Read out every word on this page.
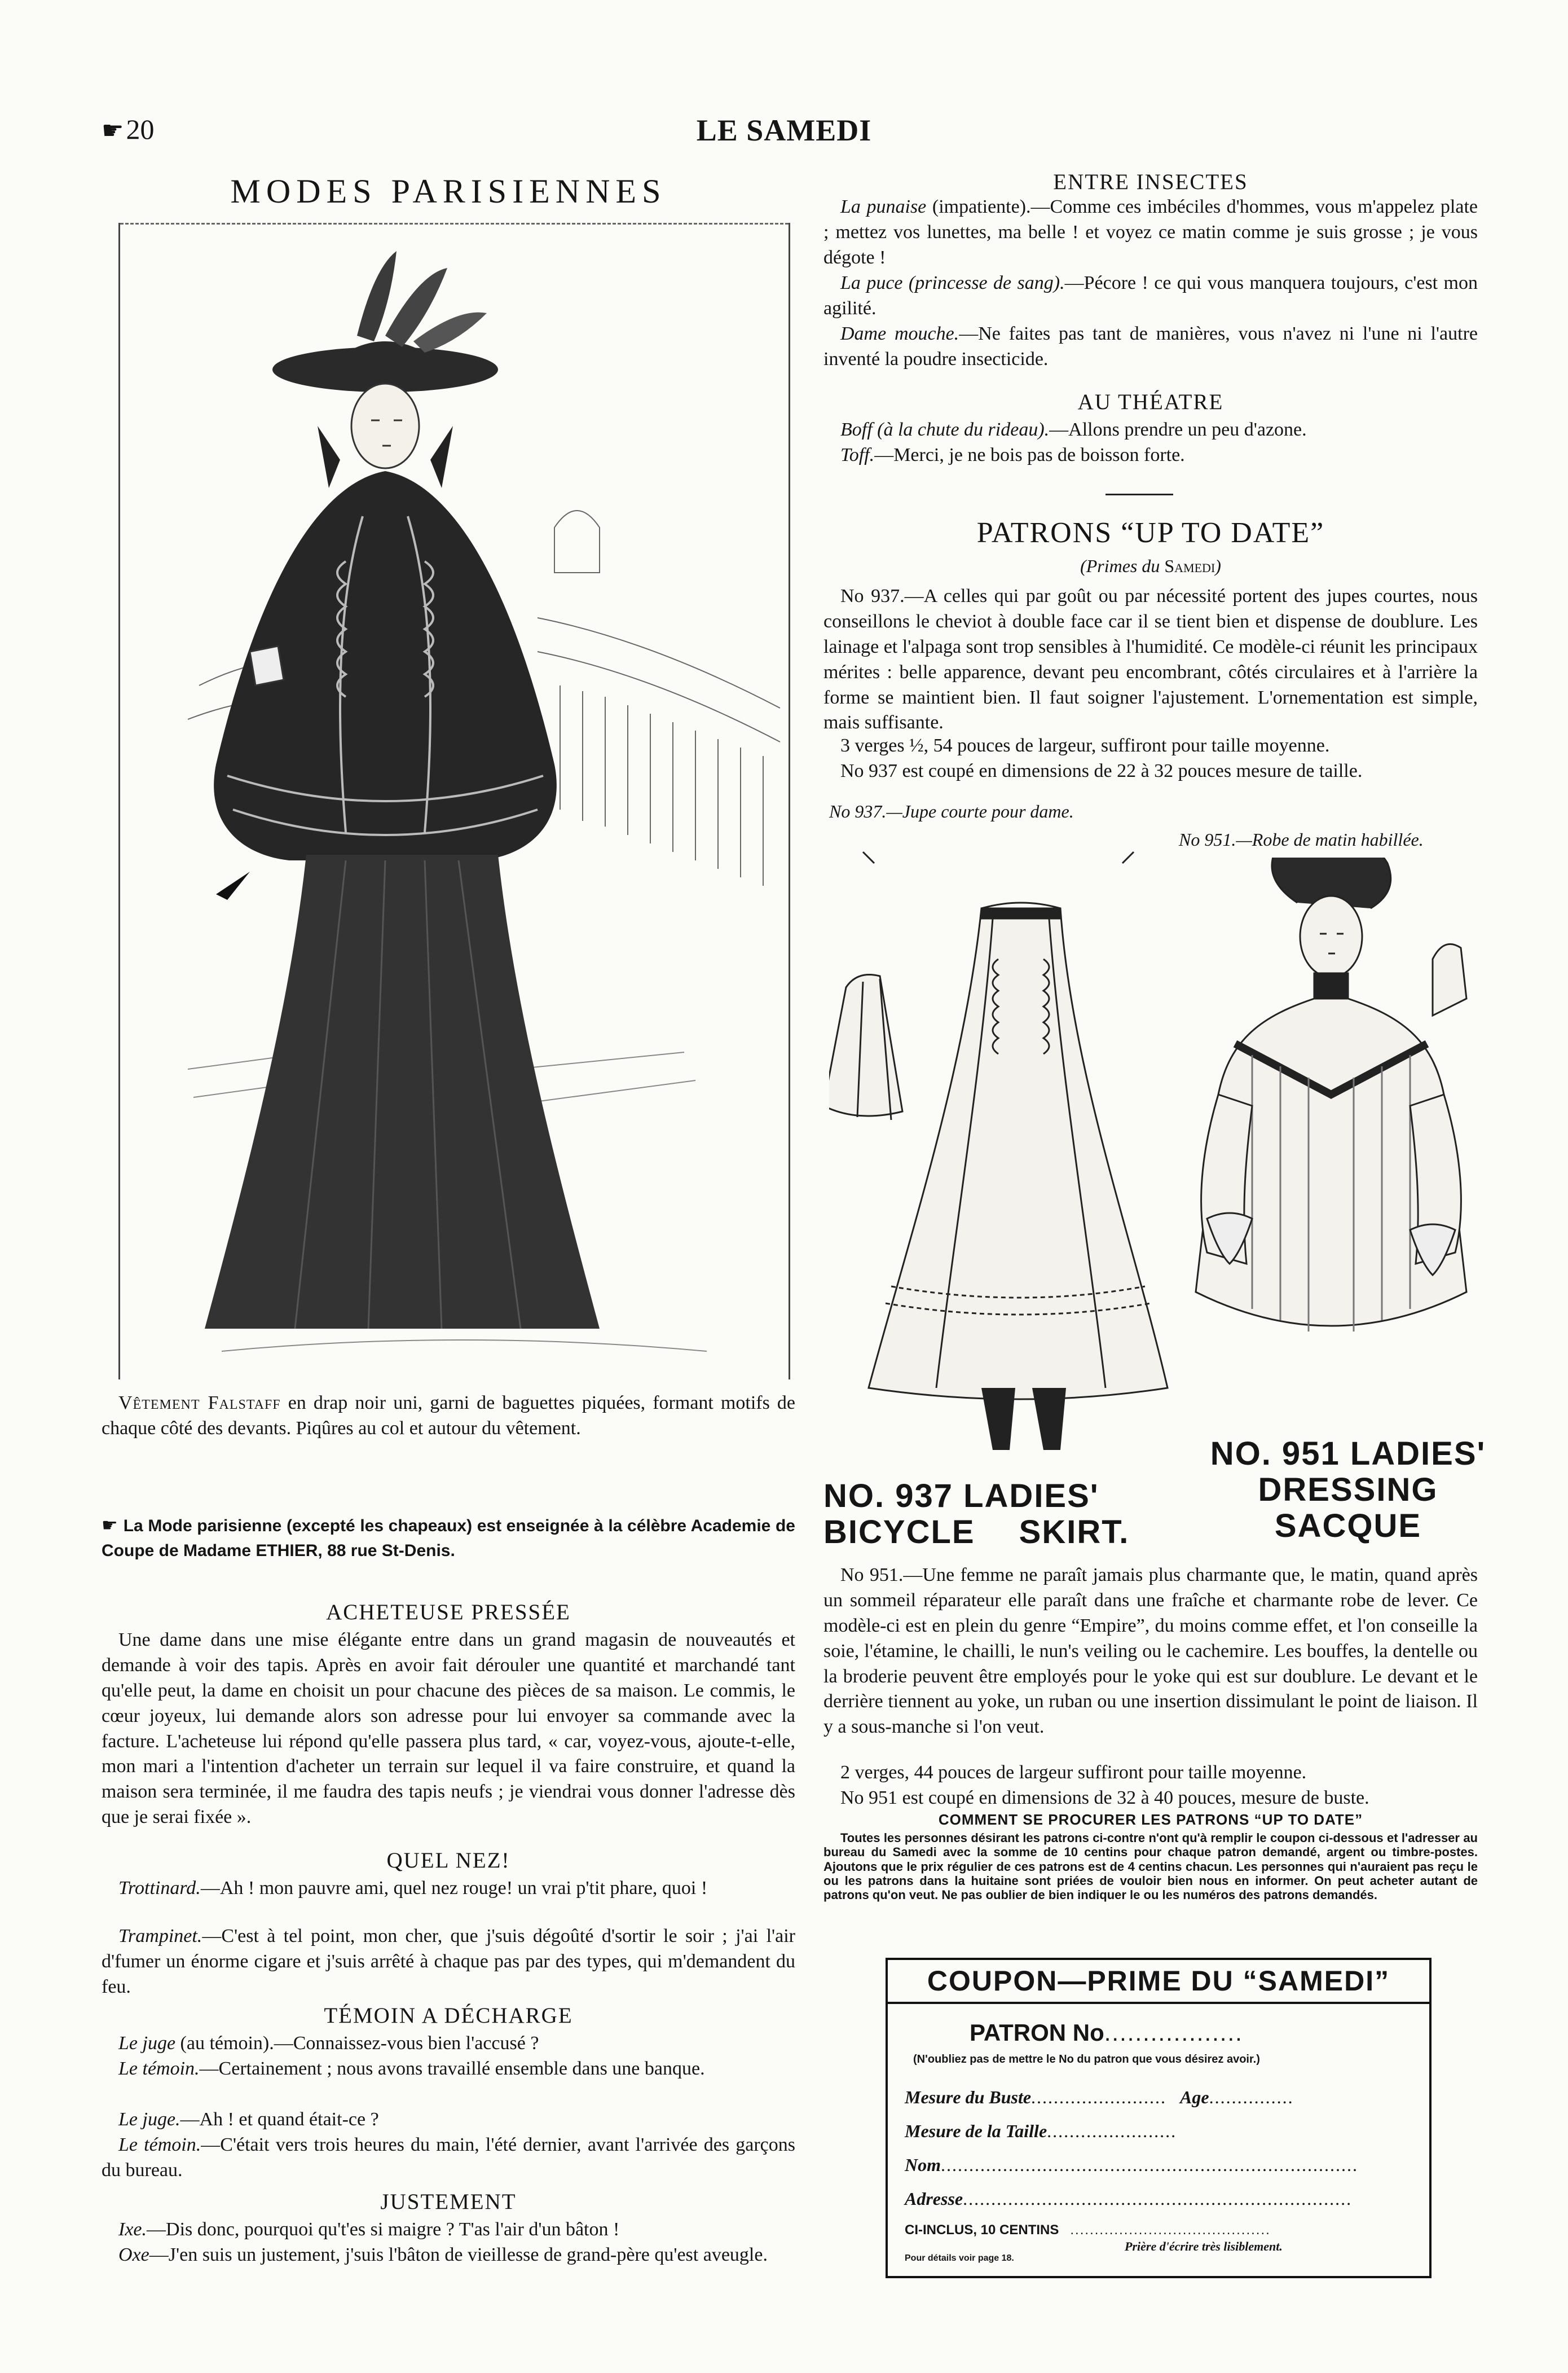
☛20	LE SAMEDI
MODES PARISIENNES

Vêtement Falstaff en drap noir uni, garni de baguettes piquées, formant motifs de chaque côté des devants. Piqûres au col et autour du vêtement.

☛ La Mode parisienne (excepté les chapeaux) est enseignée à la célèbre Academie de Coupe de Madame ETHIER, 88 rue St-Denis.

ACHETEUSE PRESSÉE

Une dame dans une mise élégante entre dans un grand magasin de nouveautés et demande à voir des tapis. Après en avoir fait dérouler une quantité et marchandé tant qu'elle peut, la dame en choisit un pour chacune des pièces de sa maison. Le commis, le cœur joyeux, lui demande alors son adresse pour lui envoyer sa commande avec la facture. L'acheteuse lui répond qu'elle passera plus tard, « car, voyez-vous, ajoute-t-elle, mon mari a l'intention d'acheter un terrain sur lequel il va faire construire, et quand la maison sera terminée, il me faudra des tapis neufs ; je viendrai vous donner l'adresse dès que je serai fixée ».

QUEL NEZ!

Trottinard.—Ah ! mon pauvre ami, quel nez rouge! un vrai p'tit phare, quoi !

Trampinet.—C'est à tel point, mon cher, que j'suis dégoûté d'sortir le soir ; j'ai l'air d'fumer un énorme cigare et j'suis arrêté à chaque pas par des types, qui m'demandent du feu.

TÉMOIN A DÉCHARGE

Le juge (au témoin).—Connaissez-vous bien l'accusé ?

Le témoin.—Certainement ; nous avons travaillé ensemble dans une banque.

Le juge.—Ah ! et quand était-ce ?

Le témoin.—C'était vers trois heures du main, l'été dernier, avant l'arrivée des garçons du bureau.

JUSTEMENT

Ixe.—Dis donc, pourquoi qu't'es si maigre ? T'as l'air d'un bâton !

Oxe—J'en suis un justement, j'suis l'bâton de vieillesse de grand-père qu'est aveugle.

ENTRE INSECTES

La punaise (impatiente).—Comme ces imbéciles d'hommes, vous m'appelez plate ; mettez vos lunettes, ma belle ! et voyez ce matin comme je suis grosse ; je vous dégote !

La puce (princesse de sang).—Pécore ! ce qui vous manquera toujours, c'est mon agilité.

Dame mouche.—Ne faites pas tant de manières, vous n'avez ni l'une ni l'autre inventé la poudre insecticide.

AU THÉATRE

Boff (à la chute du rideau).—Allons prendre un peu d'azone.

Toff.—Merci, je ne bois pas de boisson forte.

PATRONS “UP TO DATE”
(Primes du Samedi)

No 937.—A celles qui par goût ou par nécessité portent des jupes courtes, nous conseillons le cheviot à double face car il se tient bien et dispense de doublure. Les lainage et l'alpaga sont trop sensibles à l'humidité. Ce modèle-ci réunit les principaux mérites : belle apparence, devant peu encombrant, côtés circulaires et à l'arrière la forme se maintient bien. Il faut soigner l'ajustement. L'ornementation est simple, mais suffisante.

3 verges ½, 54 pouces de largeur, suffiront pour taille moyenne.

No 937 est coupé en dimensions de 22 à 32 pouces mesure de taille.

No 937.—Jupe courte pour dame.
No 951.—Robe de matin habillée.
NO. 951 LADIES'
DRESSING SACQUE
NO. 937 LADIES'
BICYCLE SKIRT.

No 951.—Une femme ne paraît jamais plus charmante que, le matin, quand après un sommeil réparateur elle paraît dans une fraîche et charmante robe de lever. Ce modèle-ci est en plein du genre “Empire”, du moins comme effet, et l'on conseille la soie, l'étamine, le chailli, le nun's veiling ou le cachemire. Les bouffes, la dentelle ou la broderie peuvent être employés pour le yoke qui est sur doublure. Le devant et le derrière tiennent au yoke, un ruban ou une insertion dissimulant le point de liaison. Il y a sous-manche si l'on veut.

2 verges, 44 pouces de largeur suffiront pour taille moyenne.

No 951 est coupé en dimensions de 32 à 40 pouces, mesure de buste.

COMMENT SE PROCURER LES PATRONS “UP TO DATE”

Toutes les personnes désirant les patrons ci-contre n'ont qu'à remplir le coupon ci-dessous et l'adresser au bureau du Samedi avec la somme de 10 centins pour chaque patron demandé, argent ou timbre-postes. Ajoutons que le prix régulier de ces patrons est de 4 centins chacun. Les personnes qui n'auraient pas reçu le ou les patrons dans la huitaine sont priées de vouloir bien nous en informer. On peut acheter autant de patrons qu'on veut. Ne pas oublier de bien indiquer le ou les numéros des patrons demandés.

COUPON—PRIME DU “SAMEDI”
PATRON No..................
(N'oubliez pas de mettre le No du patron que vous désirez avoir.)
Mesure du Buste........................ Age...............
Mesure de la Taille.......................
Nom..........................................................................
Adresse.....................................................................
CI-INCLUS, 10 CENTINS .........................................
Prière d'écrire très lisiblement.
Pour détails voir page 18.
